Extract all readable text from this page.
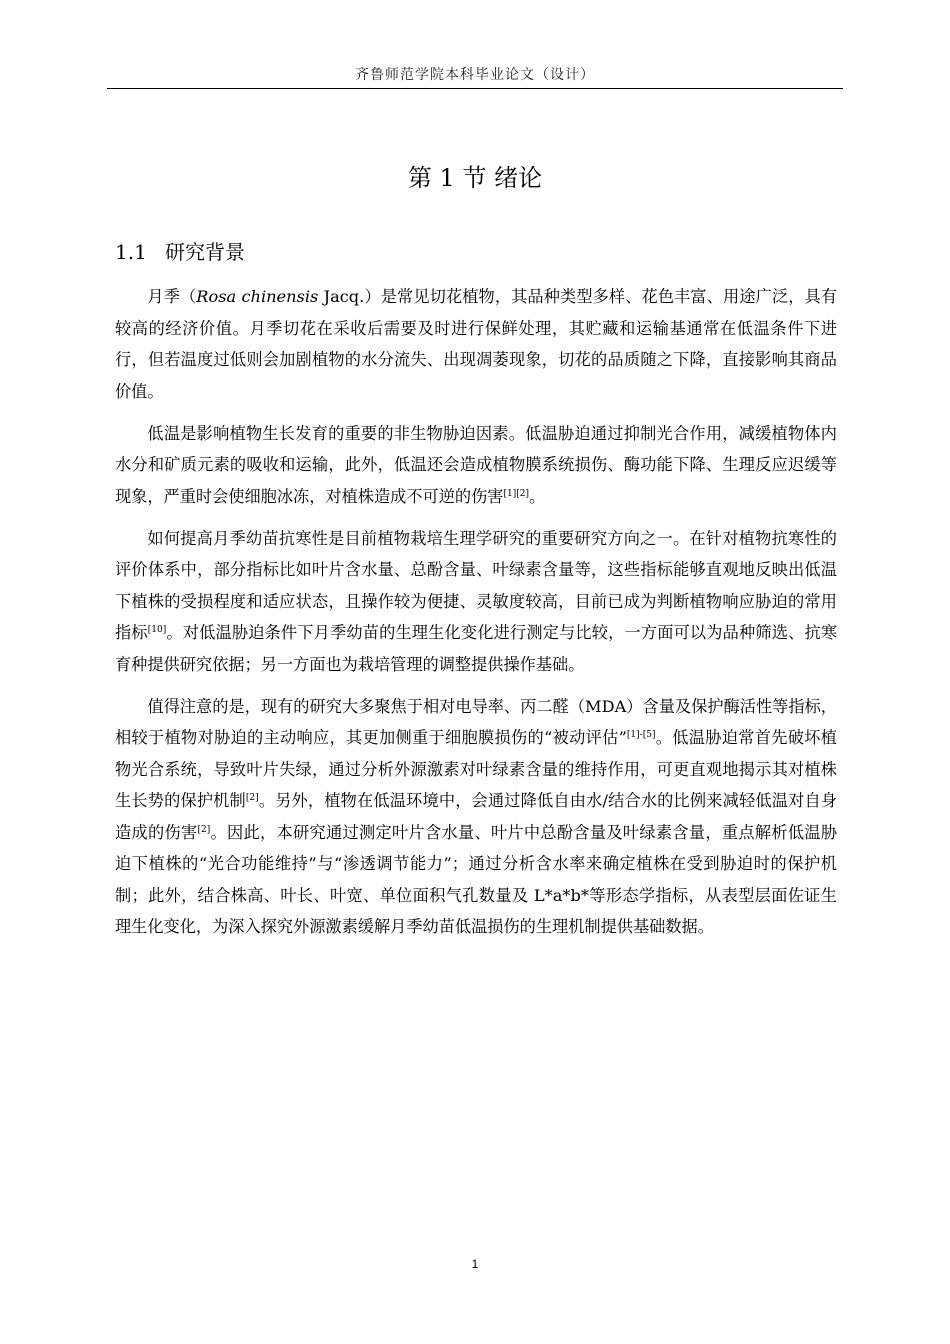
齐鲁师范学院本科毕业论文（设计）
第 1 节 绪论
1.1 研究背景

月季（Rosa chinensis Jacq.）是常见切花植物，其品种类型多样、花色丰富、用途广泛，具有较高的经济价值。月季切花在采收后需要及时进行保鲜处理，其贮藏和运输基通常在低温条件下进行，但若温度过低则会加剧植物的水分流失、出现凋萎现象，切花的品质随之下降，直接影响其商品价值。

低温是影响植物生长发育的重要的非生物胁迫因素。低温胁迫通过抑制光合作用，减缓植物体内水分和矿质元素的吸收和运输，此外，低温还会造成植物膜系统损伤、酶功能下降、生理反应迟缓等现象，严重时会使细胞冰冻，对植株造成不可逆的伤害[1][2]。

如何提高月季幼苗抗寒性是目前植物栽培生理学研究的重要研究方向之一。在针对植物抗寒性的评价体系中，部分指标比如叶片含水量、总酚含量、叶绿素含量等，这些指标能够直观地反映出低温下植株的受损程度和适应状态，且操作较为便捷、灵敏度较高，目前已成为判断植物响应胁迫的常用指标[10]。对低温胁迫条件下月季幼苗的生理生化变化进行测定与比较，一方面可以为品种筛选、抗寒育种提供研究依据；另一方面也为栽培管理的调整提供操作基础。

值得注意的是，现有的研究大多聚焦于相对电导率、丙二醛（MDA）含量及保护酶活性等指标，相较于植物对胁迫的主动响应，其更加侧重于细胞膜损伤的“被动评估”[1]-[5]。低温胁迫常首先破坏植物光合系统，导致叶片失绿，通过分析外源激素对叶绿素含量的维持作用，可更直观地揭示其对植株生长势的保护机制[2]。另外，植物在低温环境中，会通过降低自由水/结合水的比例来减轻低温对自身造成的伤害[2]。因此，本研究通过测定叶片含水量、叶片中总酚含量及叶绿素含量，重点解析低温胁迫下植株的“光合功能维持”与“渗透调节能力”；通过分析含水率来确定植株在受到胁迫时的保护机制；此外，结合株高、叶长、叶宽、单位面积气孔数量及 L*a*b*等形态学指标，从表型层面佐证生理生化变化，为深入探究外源激素缓解月季幼苗低温损伤的生理机制提供基础数据。

1
